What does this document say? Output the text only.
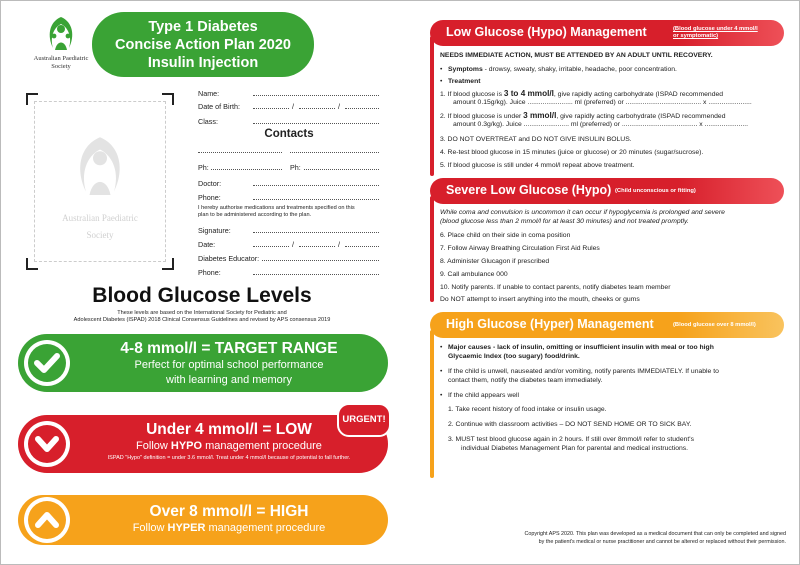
Australian Paediatric
Society
Type 1 Diabetes
Concise Action Plan 2020
Insulin Injection
Australian Paediatric
Society
Name:
Date of Birth:	/	/
Class:
Contacts
Ph:	Ph:
Doctor:
Phone:
I hereby authorise medications and treatments specified on this
plan to be administered according to the plan.
Signature:
Date:	/	/
Diabetes Educator:
Phone:
Blood Glucose Levels
These levels are based on the International Society for Pediatric and
Adolescent Diabetes (ISPAD) 2018 Clinical Consensus Guidelines and revised by APS consensus 2019
4-8 mmol/l = TARGET RANGE
Perfect for optimal school performance
with learning and memory
Under 4 mmol/l = LOW
Follow HYPO management procedure
ISPAD "Hypo" definition = under 3.6 mmol/l. Treat under 4 mmol/l because of potential to fall further.
URGENT!
Over 8 mmol/l = HIGH
Follow HYPER management procedure
Low Glucose (Hypo) Management	(Blood glucose under 4 mmol/l
or symptomatic)
NEEDS IMMEDIATE ACTION, MUST BE ATTENDED BY AN ADULT UNTIL RECOVERY.
• Symptoms - drowsy, sweaty, shaky, irritable, headache, poor concentration.
• Treatment
1. If blood glucose is 3 to 4 mmol/l, give rapidly acting carbohydrate (ISPAD recommended
amount 0.15g/kg). Juice ........................ ml (preferred) or ........................................ x .......................
2. If blood glucose is under 3 mmol/l, give rapidly acting carbohydrate (ISPAD recommended
amount 0.3g/kg). Juice ........................ ml (preferred) or ........................................ x .......................
3. DO NOT OVERTREAT and DO NOT GIVE INSULIN BOLUS.
4. Re-test blood glucose in 15 minutes (juice or glucose) or 20 minutes (sugar/sucrose).
5. If blood glucose is still under 4 mmol/l repeat above treatment.
Severe Low Glucose (Hypo) (Child unconscious or fitting)
While coma and convulsion is uncommon it can occur if hypoglycemia is prolonged and severe
(blood glucose less than 2 mmol/l for at least 30 minutes) and not treated promptly.
6. Place child on their side in coma position
7. Follow Airway Breathing Circulation First Aid Rules
8. Administer Glucagon if prescribed
9. Call ambulance 000
10. Notify parents. If unable to contact parents, notify diabetes team member
Do NOT attempt to insert anything into the mouth, cheeks or gums
High Glucose (Hyper) Management	(Blood glucose over 8 mmol/l)
• Major causes - lack of insulin, omitting or insufficient insulin with meal or too high
Glycaemic Index (too sugary) food/drink.
• If the child is unwell, nauseated and/or vomiting, notify parents IMMEDIATELY. If unable to
contact them, notify the diabetes team immediately.
• If the child appears well
1. Take recent history of food intake or insulin usage.
2. Continue with classroom activities – DO NOT SEND HOME OR TO SICK BAY.
3. MUST test blood glucose again in 2 hours. If still over 8mmol/l refer to student's
individual Diabetes Management Plan for parental and medical instructions.
Copyright APS 2020. This plan was developed as a medical document that can only be completed and signed
by the patient's medical or nurse practitioner and cannot be altered or replaced without their permission.
